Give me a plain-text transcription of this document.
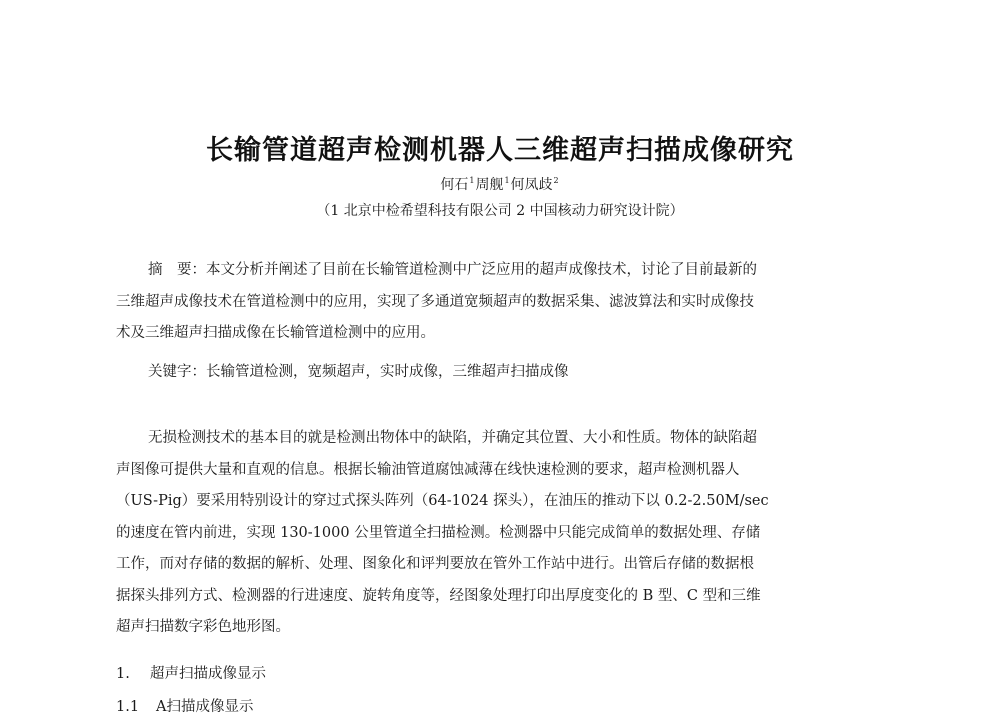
长输管道超声检测机器人三维超声扫描成像研究
何石$^1$周舰$^1$何凤歧$^2$
（1 北京中检希望科技有限公司 2 中国核动力研究设计院）
摘　要：本文分析并阐述了目前在长输管道检测中广泛应用的超声成像技术，讨论了目前最新的
三维超声成像技术在管道检测中的应用，实现了多通道宽频超声的数据采集、滤波算法和实时成像技
术及三维超声扫描成像在长输管道检测中的应用。
关键字：长输管道检测，宽频超声，实时成像，三维超声扫描成像
无损检测技术的基本目的就是检测出物体中的缺陷，并确定其位置、大小和性质。物体的缺陷超
声图像可提供大量和直观的信息。根据长输油管道腐蚀减薄在线快速检测的要求，超声检测机器人
（US-Pig）要采用特别设计的穿过式探头阵列（64-1024 探头），在油压的推动下以 0.2-2.50M/sec
的速度在管内前进，实现 130-1000 公里管道全扫描检测。检测器中只能完成简单的数据处理、存储
工作，而对存储的数据的解析、处理、图象化和评判要放在管外工作站中进行。出管后存储的数据根
据探头排列方式、检测器的行进速度、旋转角度等，经图象处理打印出厚度变化的 B 型、C 型和三维
超声扫描数字彩色地形图。
1. 超声扫描成像显示
1.1 A扫描成像显示
